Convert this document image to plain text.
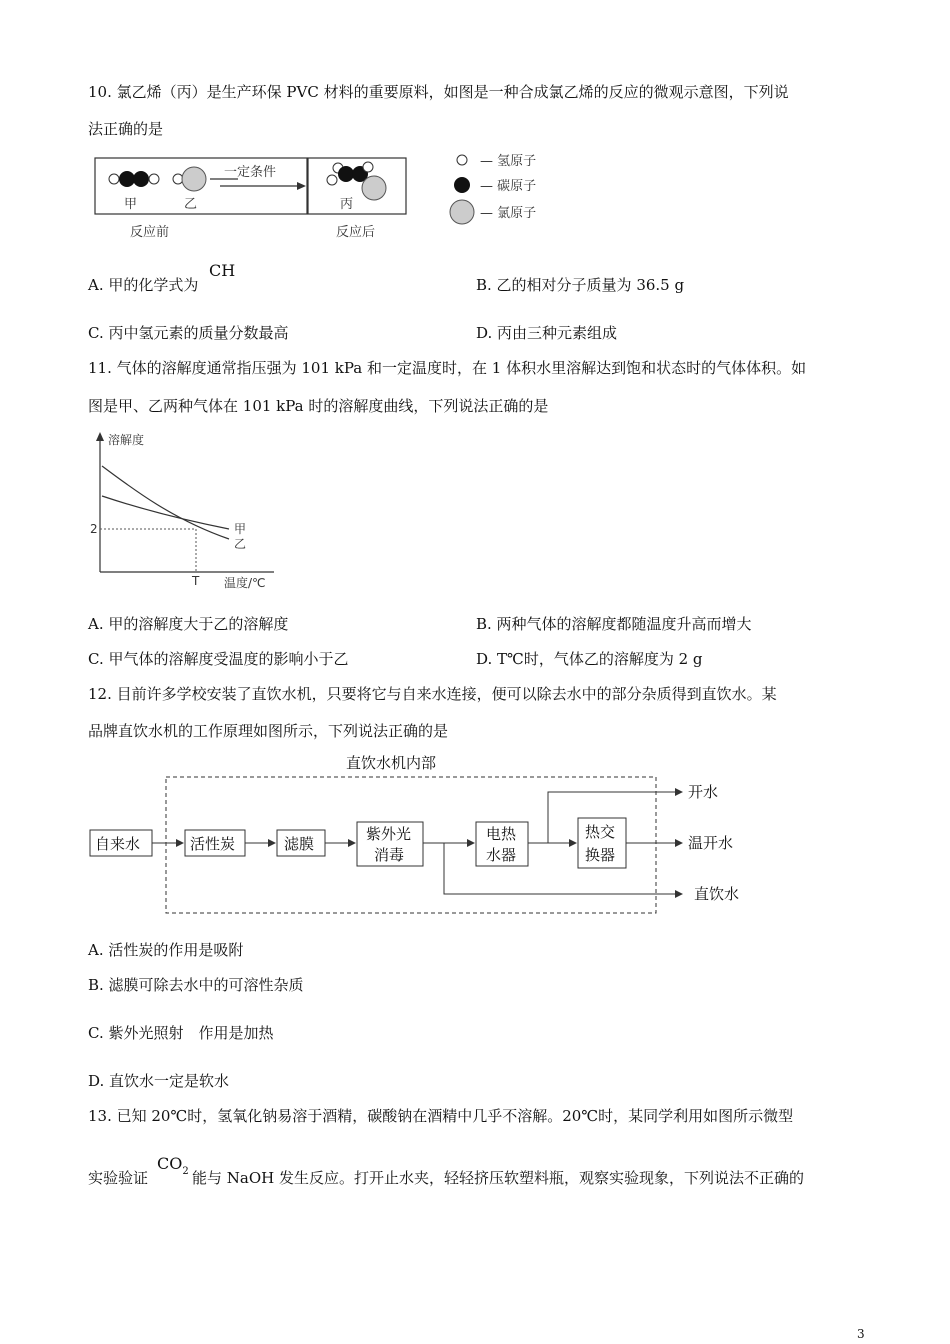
10. 氯乙烯（丙）是生产环保 PVC 材料的重要原料，如图是一种合成氯乙烯的反应的微观示意图，下列说
法正确的是
甲	乙
反应前
一定条件
丙
反应后
— 氢原子
— 碳原子
— 氯原子
A. 甲的化学式为
CH
B. 乙的相对分子质量为 36.5 g
C. 丙中氢元素的质量分数最高	D. 丙由三种元素组成
11. 气体的溶解度通常指压强为 101 kPa 和一定温度时，在 1 体积水里溶解达到饱和状态时的气体体积。如
图是甲、乙两种气体在 101 kPa 时的溶解度曲线，下列说法正确的是
溶解度
温度/℃
2
T
甲
乙
A. 甲的溶解度大于乙的溶解度	B. 两种气体的溶解度都随温度升高而增大
C. 甲气体的溶解度受温度的影响小于乙	D. T℃时，气体乙的溶解度为 2 g
12. 目前许多学校安装了直饮水机，只要将它与自来水连接，便可以除去水中的部分杂质得到直饮水。某
品牌直饮水机的工作原理如图所示，下列说法正确的是
直饮水机内部
自来水	活性炭	滤膜
紫外光
消毒
电热
水器
热交
换器
开水
温开水
直饮水
A. 活性炭的作用是吸附
B. 滤膜可除去水中的可溶性杂质
C. 紫外光照射　作用是加热
D. 直饮水一定是软水
13. 已知 20℃时，氢氧化钠易溶于酒精，碳酸钠在酒精中几乎不溶解。20℃时，某同学利用如图所示微型
实验验证
$CO_2$ 能与 NaOH 发生反应。打开止水夹，轻轻挤压软塑料瓶，观察实验现象，下列说法不正确的
3
